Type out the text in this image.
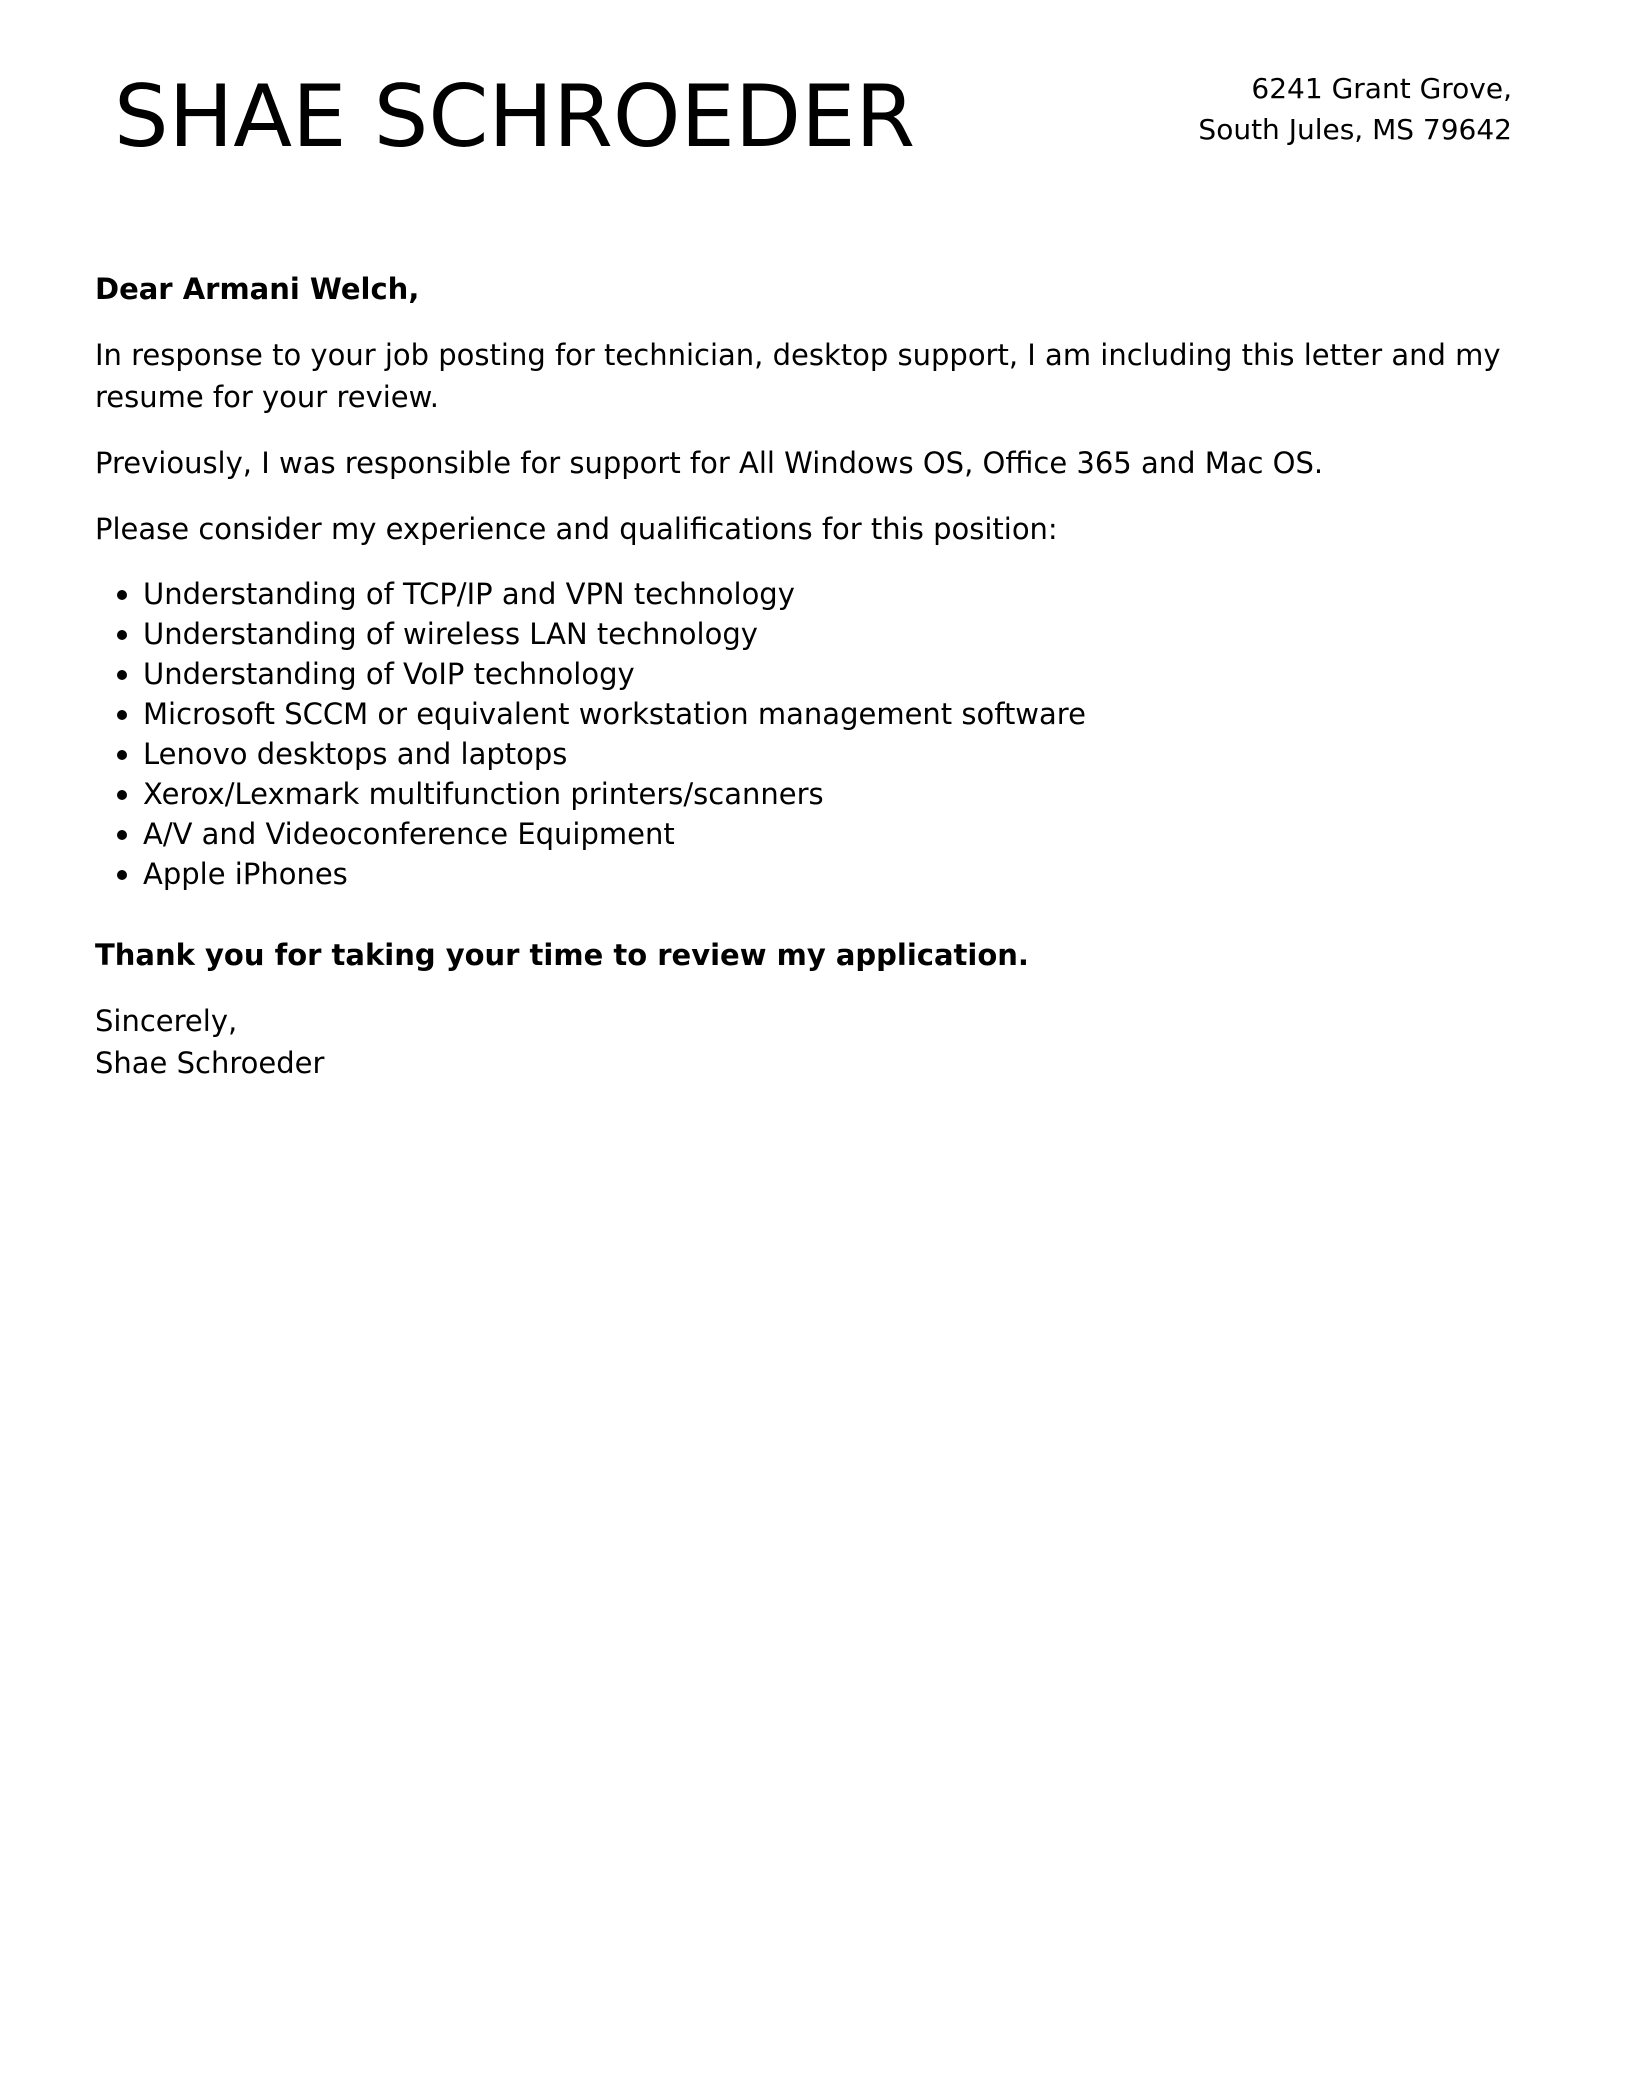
SHAE SCHROEDER	6241 Grant Grove,
South Jules, MS 79642

Dear Armani Welch,

In response to your job posting for technician, desktop support, I am including this letter and my resume for your review.

Previously, I was responsible for support for All Windows OS, Office 365 and Mac OS.

Please consider my experience and qualifications for this position:

Understanding of TCP/IP and VPN technology
Understanding of wireless LAN technology
Understanding of VoIP technology
Microsoft SCCM or equivalent workstation management software
Lenovo desktops and laptops
Xerox/Lexmark multifunction printers/scanners
A/V and Videoconference Equipment
Apple iPhones

Thank you for taking your time to review my application.

Sincerely,
Shae Schroeder
